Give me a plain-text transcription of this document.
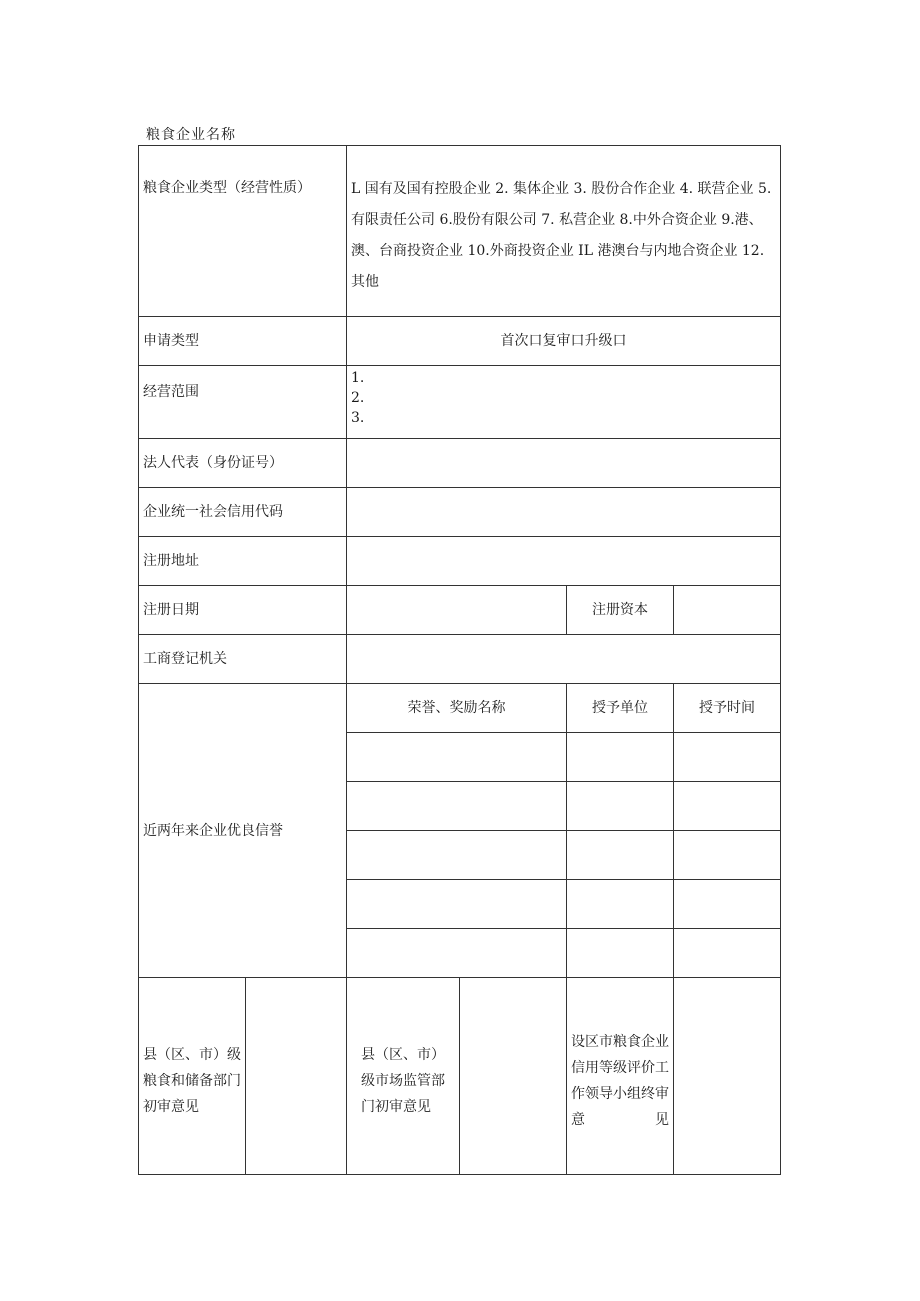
粮食企业名称
粮食企业类型（经营性质）		L 国有及国有控股企业 2. 集体企业 3. 股份合作企业 4. 联营企业 5.有限责任公司 6.股份有限公司 7. 私营企业 8.中外合资企业 9.港、澳、台商投资企业 10.外商投资企业 IL 港澳台与内地合资企业 12. 其他			
申请类型		首次口复审口升级口			
经营范围		1.
2.
3.			

法人代表（身份证号）					
企业统一社会信用代码					
注册地址					
注册日期				注册资本	
工商登记机关					
近两年来企业优良信誉		荣誉、奖励名称		授予单位	授予时间

县（区、市）级粮食和储备部门初审意见		县（区、市）级市场监管部门初审意见		设区市粮食企业信用等级评价工作领导小组终审意见	
